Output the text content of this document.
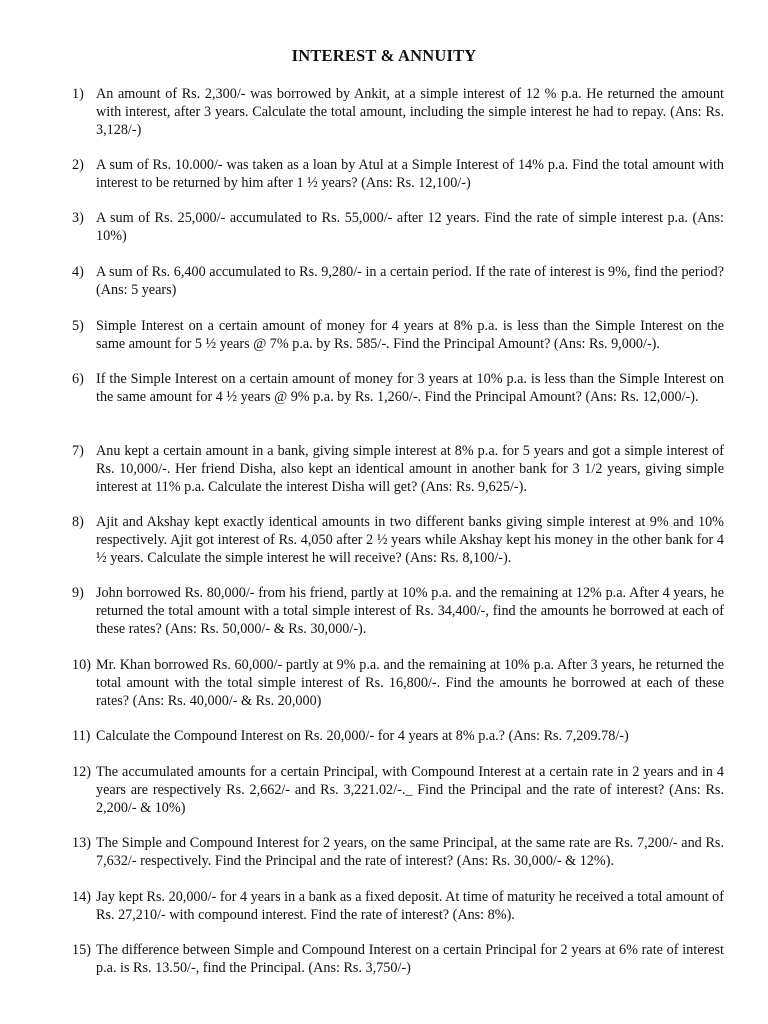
INTEREST & ANNUITY
1) An amount of Rs. 2,300/- was borrowed by Ankit, at a simple interest of 12 % p.a. He returned the amount with interest, after 3 years. Calculate the total amount, including the simple interest he had to repay. (Ans: Rs. 3,128/-)
2) A sum of Rs. 10.000/- was taken as a loan by Atul at a Simple Interest of 14% p.a. Find the total amount with interest to be returned by him after 1 ½ years? (Ans: Rs. 12,100/-)
3) A sum of Rs. 25,000/- accumulated to Rs. 55,000/- after 12 years. Find the rate of simple interest p.a. (Ans: 10%)
4) A sum of Rs. 6,400 accumulated to Rs. 9,280/- in a certain period. If the rate of interest is 9%, find the period? (Ans: 5 years)
5) Simple Interest on a certain amount of money for 4 years at 8% p.a. is less than the Simple Interest on the same amount for 5 ½ years @ 7% p.a. by Rs. 585/-. Find the Principal Amount? (Ans: Rs. 9,000/-).
6) If the Simple Interest on a certain amount of money for 3 years at 10% p.a. is less than the Simple Interest on the same amount for 4 ½ years @ 9% p.a. by Rs. 1,260/-. Find the Principal Amount? (Ans: Rs. 12,000/-).
7) Anu kept a certain amount in a bank, giving simple interest at 8% p.a. for 5 years and got a simple interest of Rs. 10,000/-. Her friend Disha, also kept an identical amount in another bank for 3 1/2 years, giving simple interest at 11% p.a. Calculate the interest Disha will get? (Ans: Rs. 9,625/-).
8) Ajit and Akshay kept exactly identical amounts in two different banks giving simple interest at 9% and 10% respectively. Ajit got interest of Rs. 4,050 after 2 ½ years while Akshay kept his money in the other bank for 4 ½ years. Calculate the simple interest he will receive? (Ans: Rs. 8,100/-).
9) John borrowed Rs. 80,000/- from his friend, partly at 10% p.a. and the remaining at 12% p.a. After 4 years, he returned the total amount with a total simple interest of Rs. 34,400/-, find the amounts he borrowed at each of these rates? (Ans: Rs. 50,000/- & Rs. 30,000/-).
10) Mr. Khan borrowed Rs. 60,000/- partly at 9% p.a. and the remaining at 10% p.a. After 3 years, he returned the total amount with the total simple interest of Rs. 16,800/-. Find the amounts he borrowed at each of these rates? (Ans: Rs. 40,000/- & Rs. 20,000)
11) Calculate the Compound Interest on Rs. 20,000/- for 4 years at 8% p.a.? (Ans: Rs. 7,209.78/-)
12) The accumulated amounts for a certain Principal, with Compound Interest at a certain rate in 2 years and in 4 years are respectively Rs. 2,662/- and Rs. 3,221.02/-._ Find the Principal and the rate of interest? (Ans: Rs. 2,200/- & 10%)
13) The Simple and Compound Interest for 2 years, on the same Principal, at the same rate are Rs. 7,200/- and Rs. 7,632/- respectively. Find the Principal and the rate of interest? (Ans: Rs. 30,000/- & 12%).
14) Jay kept Rs. 20,000/- for 4 years in a bank as a fixed deposit. At time of maturity he received a total amount of Rs. 27,210/- with compound interest. Find the rate of interest? (Ans: 8%).
15) The difference between Simple and Compound Interest on a certain Principal for 2 years at 6% rate of interest p.a. is Rs. 13.50/-, find the Principal. (Ans: Rs. 3,750/-)
